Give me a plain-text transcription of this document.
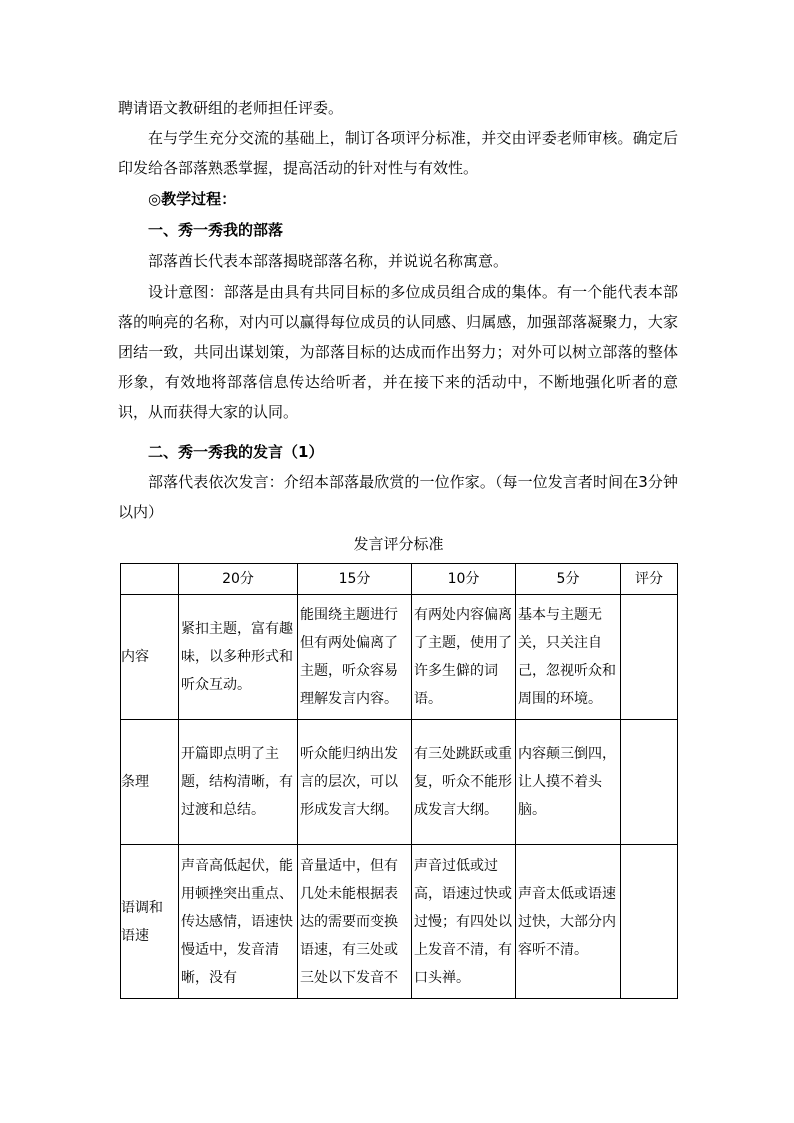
聘请语文教研组的老师担任评委。

在与学生充分交流的基础上，制订各项评分标准，并交由评委老师审核。确定后印发给各部落熟悉掌握，提高活动的针对性与有效性。

◎教学过程：

一、秀一秀我的部落

部落酋长代表本部落揭晓部落名称，并说说名称寓意。

设计意图：部落是由具有共同目标的多位成员组合成的集体。有一个能代表本部落的响亮的名称，对内可以赢得每位成员的认同感、归属感，加强部落凝聚力，大家团结一致，共同出谋划策，为部落目标的达成而作出努力；对外可以树立部落的整体形象，有效地将部落信息传达给听者，并在接下来的活动中，不断地强化听者的意识，从而获得大家的认同。

二、秀一秀我的发言（1）

部落代表依次发言：介绍本部落最欣赏的一位作家。（每一位发言者时间在3分钟以内）

发言评分标准
	20分	15分	10分	5分	评分
内容	紧扣主题，富有趣味，以多种形式和听众互动。	能围绕主题进行但有两处偏离了主题，听众容易理解发言内容。	有两处内容偏离了主题，使用了许多生僻的词语。	基本与主题无关，只关注自己，忽视听众和周围的环境。	
条理	开篇即点明了主题，结构清晰，有过渡和总结。	听众能归纳出发言的层次，可以形成发言大纲。	有三处跳跃或重复，听众不能形成发言大纲。	内容颠三倒四，让人摸不着头脑。	
语调和语速	声音高低起伏，能用顿挫突出重点、传达感情，语速快慢适中，发音清晰，没有	音量适中，但有几处未能根据表达的需要而变换语速，有三处或三处以下发音不	声音过低或过高，语速过快或过慢；有四处以上发音不清，有口头禅。	声音太低或语速过快，大部分内容听不清。	
